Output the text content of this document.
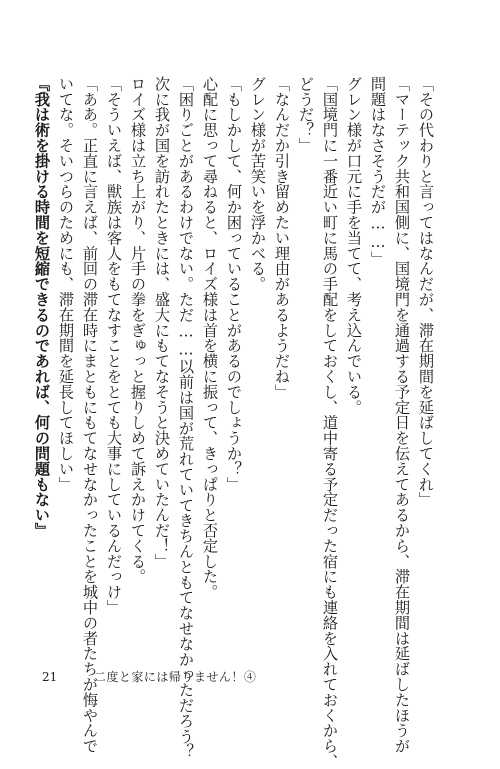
「その代わりと言ってはなんだが、滞在期間を延ばしてくれ」
「マーテック共和国側に、国境門を通過する予定日を伝えてあるから、滞在期間は延ばしたほうが
問題はなさそうだが……」
グレン様が口元に手を当てて、考え込んでいる。
「国境門に一番近い町に馬の手配をしておくし、道中寄る予定だった宿にも連絡を入れておくから、
どうだ？」
「なんだか引き留めたい理由があるようだね」
グレン様が苦笑いを浮かべる。
「もしかして、何か困っていることがあるのでしょうか？」
心配に思って尋ねると、ロイズ様は首を横に振って、きっぱりと否定した。
「困りごとがあるわけでない。ただ……以前は国が荒れていてきちんともてなせなかっただろう？
次に我が国を訪れたときには、盛大にもてなそうと決めていたんだ！」
ロイズ様は立ち上がり、片手の拳をぎゅっと握りしめて訴えかけてくる。
「そういえば、獣族は客人をもてなすことをとても大事にしているんだっけ」
「ああ。正直に言えば、前回の滞在時にまともにもてなせなかったことを城中の者たちが悔やんで
いてな。そいつらのためにも、滞在期間を延長してほしい」
『我は術を掛ける時間を短縮できるのであれば、何の問題もない』
21	二度と家には帰りません！④
